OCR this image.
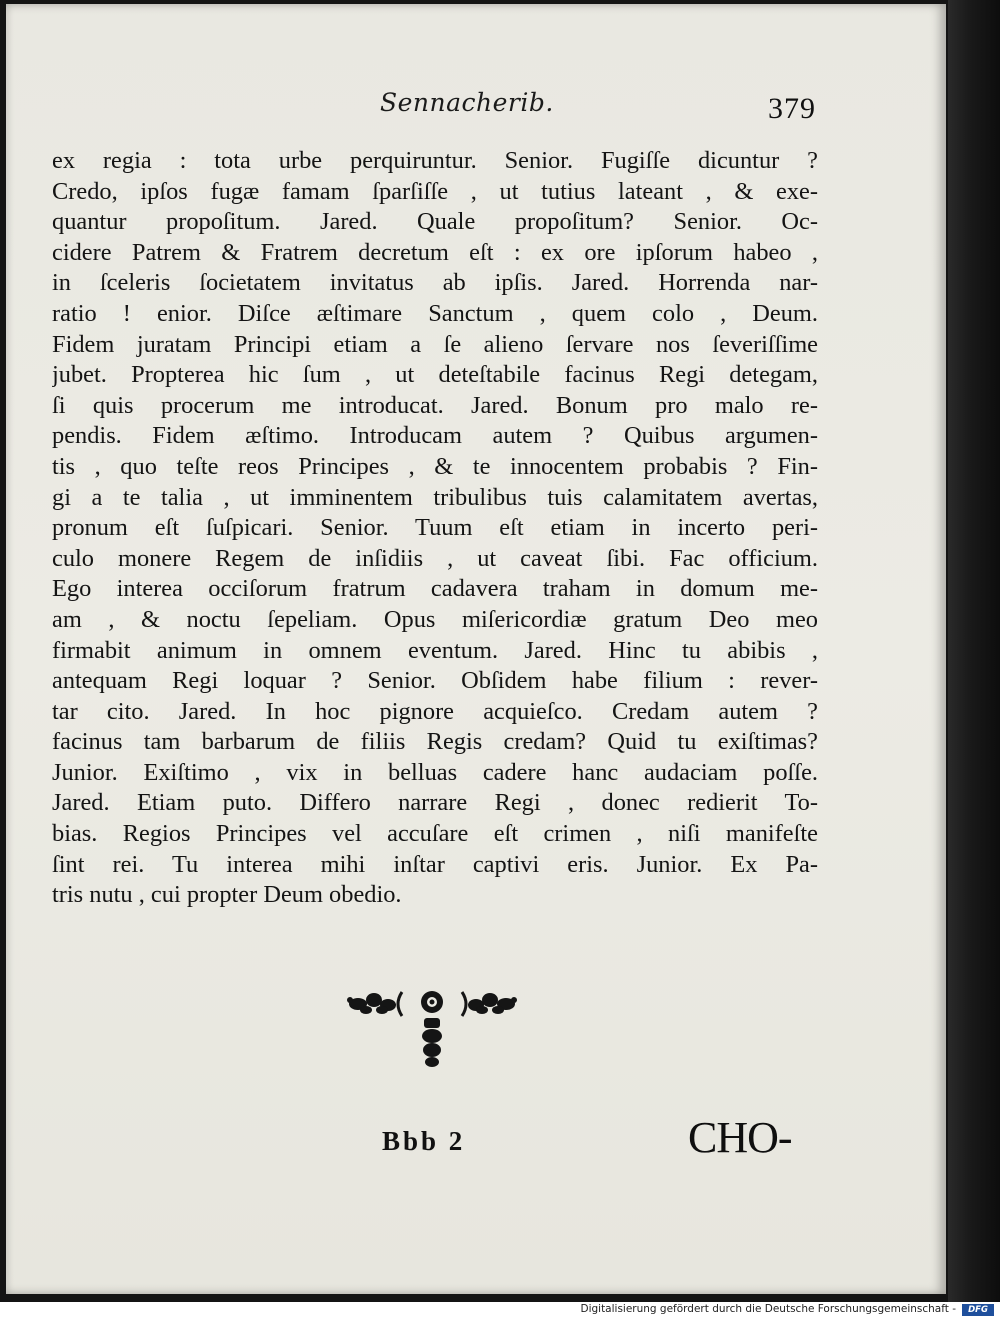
Sennacherib.	379
ex regia : tota urbe perquiruntur. Senior. Fugiſſe dicuntur ?
Credo, ipſos fugæ famam ſparſiſſe , ut tutius lateant , & exe-
quantur propoſitum. Jared. Quale propoſitum? Senior. Oc-
cidere Patrem & Fratrem decretum eſt : ex ore ipſorum habeo ,
in ſceleris ſocietatem invitatus ab ipſis. Jared. Horrenda nar-
ratio ! enior. Diſce æſtimare Sanctum , quem colo , Deum.
Fidem juratam Principi etiam a ſe alieno ſervare nos ſeveriſſime
jubet. Propterea hic ſum , ut deteſtabile facinus Regi detegam,
ſi quis procerum me introducat. Jared. Bonum pro malo re-
pendis. Fidem æſtimo. Introducam autem ? Quibus argumen-
tis , quo teſte reos Principes , & te innocentem probabis ? Fin-
gi a te talia , ut imminentem tribulibus tuis calamitatem avertas,
pronum eſt ſuſpicari. Senior. Tuum eſt etiam in incerto peri-
culo monere Regem de inſidiis , ut caveat ſibi. Fac officium.
Ego interea occiſorum fratrum cadavera traham in domum me-
am , & noctu ſepeliam. Opus miſericordiæ gratum Deo meo
firmabit animum in omnem eventum. Jared. Hinc tu abibis ,
antequam Regi loquar ? Senior. Obſidem habe filium : rever-
tar cito. Jared. In hoc pignore acquieſco. Credam autem ?
facinus tam barbarum de filiis Regis credam? Quid tu exiſtimas?
Junior. Exiſtimo , vix in belluas cadere hanc audaciam poſſe.
Jared. Etiam puto. Differo narrare Regi , donec redierit To-
bias. Regios Principes vel accuſare eſt crimen , niſi manifeſte
ſint rei. Tu interea mihi inſtar captivi eris. Junior. Ex Pa-
tris nutu , cui propter Deum obedio.
Bbb 2	CHO-
Digitalisierung gefördert durch die Deutsche Forschungsgemeinschaft -	DFG
